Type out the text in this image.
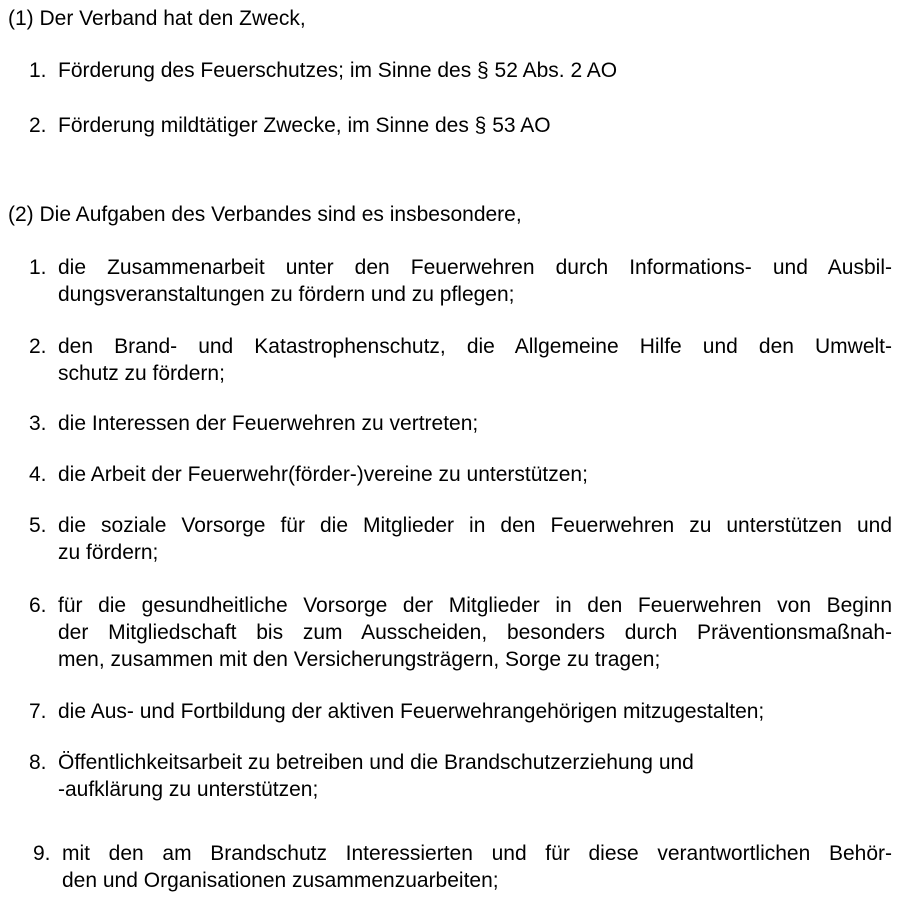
(1) Der Verband hat den Zweck,
1. Förderung des Feuerschutzes; im Sinne des § 52 Abs. 2 AO
2. Förderung mildtätiger Zwecke, im Sinne des § 53 AO
(2) Die Aufgaben des Verbandes sind es insbesondere,
1. die Zusammenarbeit unter den Feuerwehren durch Informations- und Ausbil-
dungsveranstaltungen zu fördern und zu pflegen;
2. den Brand- und Katastrophenschutz, die Allgemeine Hilfe und den Umwelt-
schutz zu fördern;
3. die Interessen der Feuerwehren zu vertreten;
4. die Arbeit der Feuerwehr(förder-)vereine zu unterstützen;
5. die soziale Vorsorge für die Mitglieder in den Feuerwehren zu unterstützen und
zu fördern;
6. für die gesundheitliche Vorsorge der Mitglieder in den Feuerwehren von Beginn
der Mitgliedschaft bis zum Ausscheiden, besonders durch Präventionsmaßnah-
men, zusammen mit den Versicherungsträgern, Sorge zu tragen;
7. die Aus- und Fortbildung der aktiven Feuerwehrangehörigen mitzugestalten;
8. Öffentlichkeitsarbeit zu betreiben und die Brandschutzerziehung und
-aufklärung zu unterstützen;
9. mit den am Brandschutz Interessierten und für diese verantwortlichen Behör-
den und Organisationen zusammenzuarbeiten;
